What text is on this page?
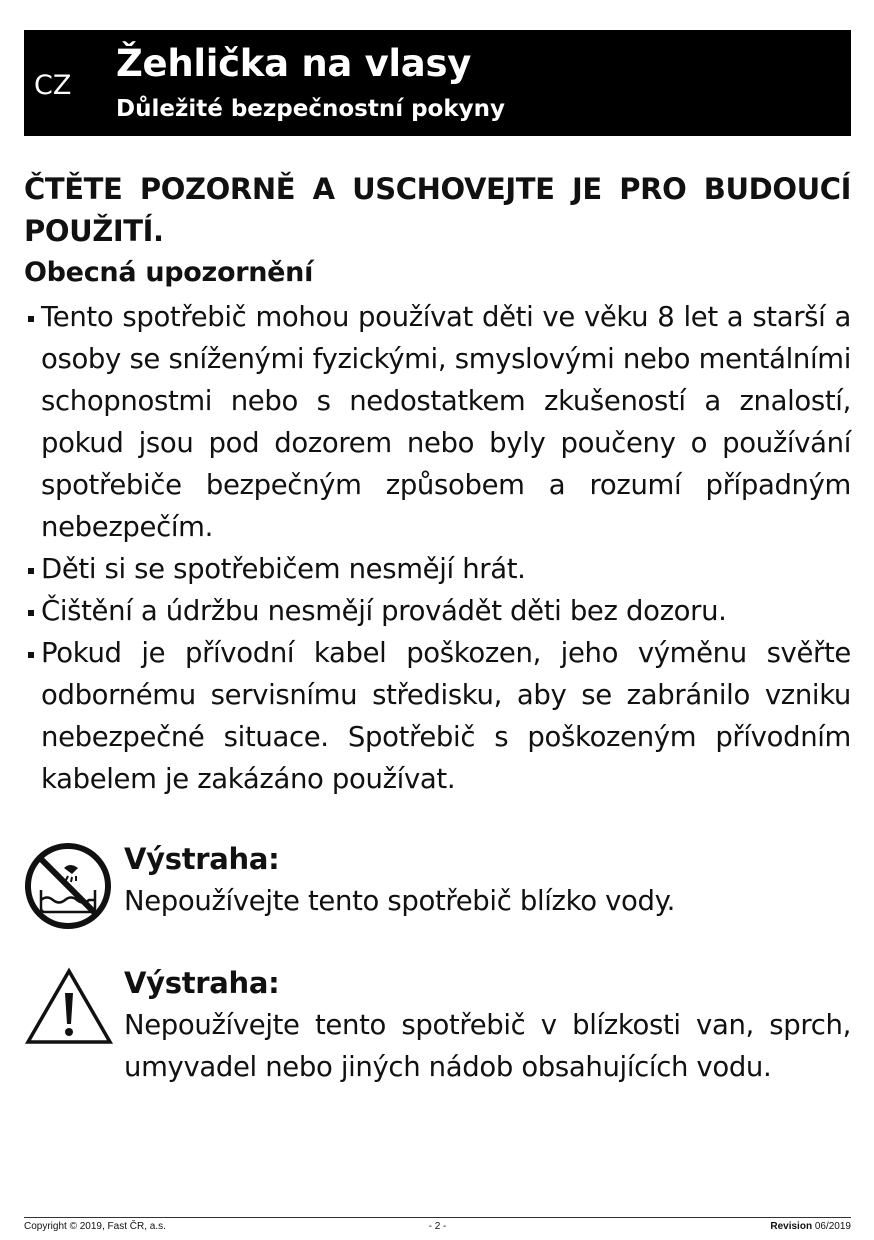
CZ
Žehlička na vlasy
Důležité bezpečnostní pokyny
ČTĚTE POZORNĚ A USCHOVEJTE JE PRO BUDOUCÍ POUŽITÍ.
Obecná upozornění
Tento spotřebič mohou používat děti ve věku 8 let a starší a osoby se sníženými fyzickými, smyslovými nebo mentálními schopnostmi nebo s nedostatkem zkušeností a znalostí, pokud jsou pod dozorem nebo byly poučeny o používání spotřebiče bezpečným způsobem a rozumí případným nebezpečím.
Děti si se spotřebičem nesmějí hrát.
Čištění a údržbu nesmějí provádět děti bez dozoru.
Pokud je přívodní kabel poškozen, jeho výměnu svěřte odbornému servisnímu středisku, aby se zabránilo vzniku nebezpečné situace. Spotřebič s poškozeným přívodním kabelem je zakázáno používat.
Výstraha:
Nepoužívejte tento spotřebič blízko vody.
Výstraha:
Nepoužívejte tento spotřebič v blízkosti van, sprch, umyvadel nebo jiných nádob obsahujících vodu.
Copyright © 2019, Fast ČR, a.s.	- 2 -	Revision 06/2019
